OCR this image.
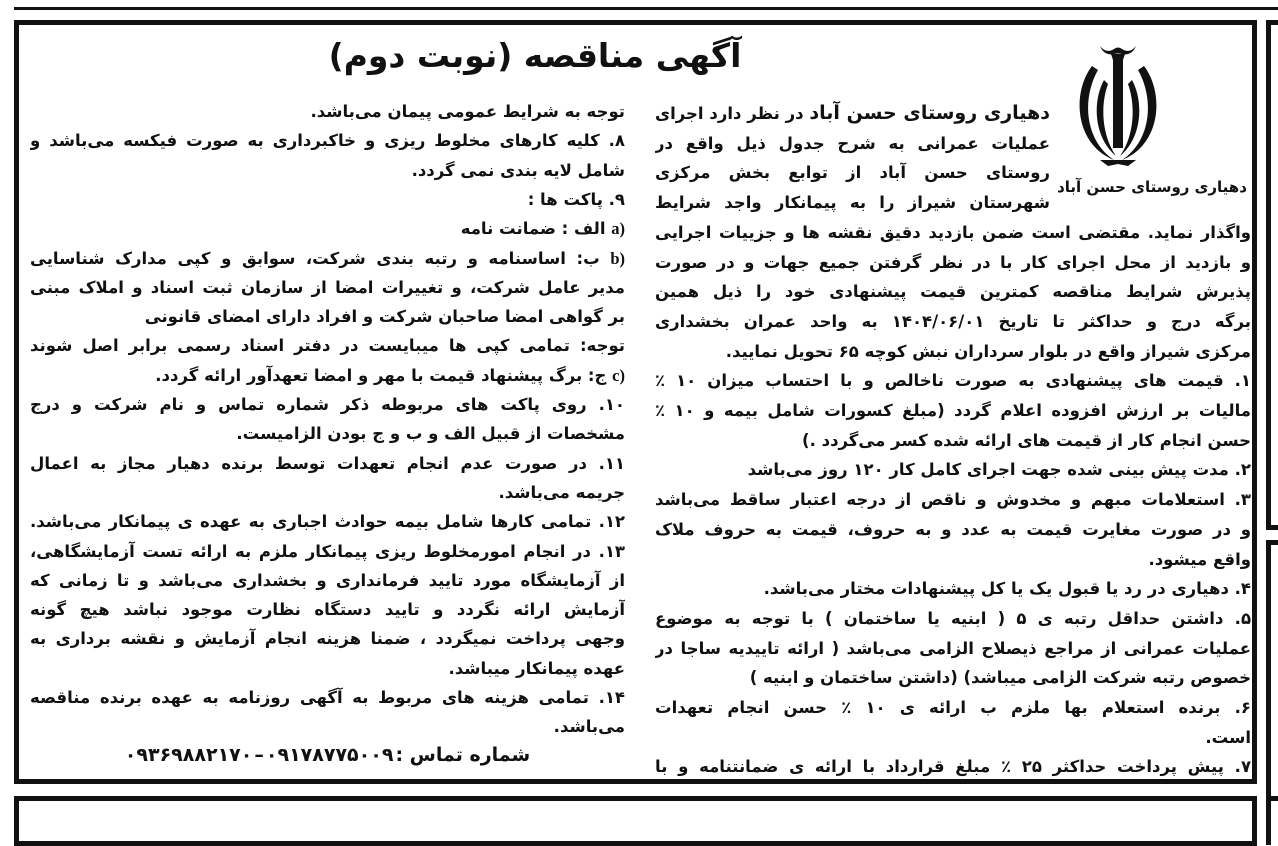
آگهی مناقصه (نوبت دوم)
دهیاری روستای حسن آباد
دهیاری روستای حسن آباد در نظر دارد اجرای
عملیات عمرانی به شرح جدول ذیل واقع در
روستای حسن آباد از توابع بخش مرکزی
شهرستان شیراز را به پیمانکار واجد شرایط
واگذار نماید. مقتضی است ضمن بازدید دقیق نقشه ها و جزییات اجرایی
و بازدید از محل اجرای کار با در نظر گرفتن جمیع جهات و در صورت
پذیرش شرایط مناقصه کمترین قیمت پیشنهادی خود را ذیل همین
برگه درج و حداکثر تا تاریخ ۱۴۰۴/۰۶/۰۱ به واحد عمران بخشداری
مرکزی شیراز واقع در بلوار سرداران نبش کوچه ۶۵ تحویل نمایید.
۱. قیمت های پیشنهادی به صورت ناخالص و با احتساب میزان ۱۰ ٪
مالیات بر ارزش افزوده اعلام گردد (مبلغ کسورات شامل بیمه و ۱۰ ٪
حسن انجام کار از قیمت های ارائه شده کسر می‌گردد .)
۲. مدت پیش بینی شده جهت اجرای کامل کار ۱۲۰ روز می‌باشد
۳. استعلامات مبهم و مخدوش و ناقص از درجه اعتبار ساقط می‌باشد
و در صورت مغایرت قیمت به عدد و به حروف، قیمت به حروف ملاک
واقع میشود.
۴. دهیاری در رد یا قبول یک یا کل پیشنهادات مختار می‌باشد.
۵. داشتن حداقل رتبه ی ۵ ( ابنیه یا ساختمان ) با توجه به موضوع
عملیات عمرانی از مراجع ذیصلاح الزامی می‌باشد ( ارائه تاییدیه ساجا در
خصوص رتبه شرکت الزامی میباشد) (داشتن ساختمان و ابنیه )
۶. برنده استعلام بها ملزم ب ارائه ی ۱۰ ٪ حسن انجام تعهدات
است.
۷. پیش پرداخت حداکثر ۲۵ ٪ مبلغ قرارداد با ارائه ی ضمانتنامه و با
توجه به شرایط عمومی پیمان می‌باشد.
۸. کلیه کارهای مخلوط ریزی و خاکبرداری به صورت فیکسه می‌باشد و
شامل لایه بندی نمی گردد.
۹. پاکت ها :
a) الف : ضمانت نامه
b) ب: اساسنامه و رتبه بندی شرکت، سوابق و کپی مدارک شناسایی
مدیر عامل شرکت، و تغییرات امضا از سازمان ثبت اسناد و املاک مبنی
بر گواهی امضا صاحبان شرکت و افراد دارای امضای قانونی
توجه: تمامی کپی ها میبایست در دفتر اسناد رسمی برابر اصل شوند
c) ج: برگ پیشنهاد قیمت با مهر و امضا تعهدآور ارائه گردد.
۱۰. روی پاکت های مربوطه ذکر شماره تماس و نام شرکت و درج
مشخصات از قبیل الف و ب و ج بودن الزامیست.
۱۱. در صورت عدم انجام تعهدات توسط برنده دهیار مجاز به اعمال
جریمه می‌باشد.
۱۲. تمامی کارها شامل بیمه حوادث اجباری به عهده ی پیمانکار می‌باشد.
۱۳. در انجام امورمخلوط ریزی پیمانکار ملزم به ارائه تست آزمایشگاهی،
از آزمایشگاه مورد تایید فرمانداری و بخشداری می‌باشد و تا زمانی که
آزمایش ارائه نگردد و تایید دستگاه نظارت موجود نباشد هیچ گونه
وجهی پرداخت نمیگردد ، ضمنا هزینه انجام آزمایش و نقشه برداری به
عهده پیمانکار میباشد.
۱۴. تمامی هزینه های مربوط به آگهی روزنامه به عهده برنده مناقصه
می‌باشد.
شماره تماس :
۰۹۱۷۸۷۷۵۰۰۹
–
۰۹۳۶۹۸۸۲۱۷۰
